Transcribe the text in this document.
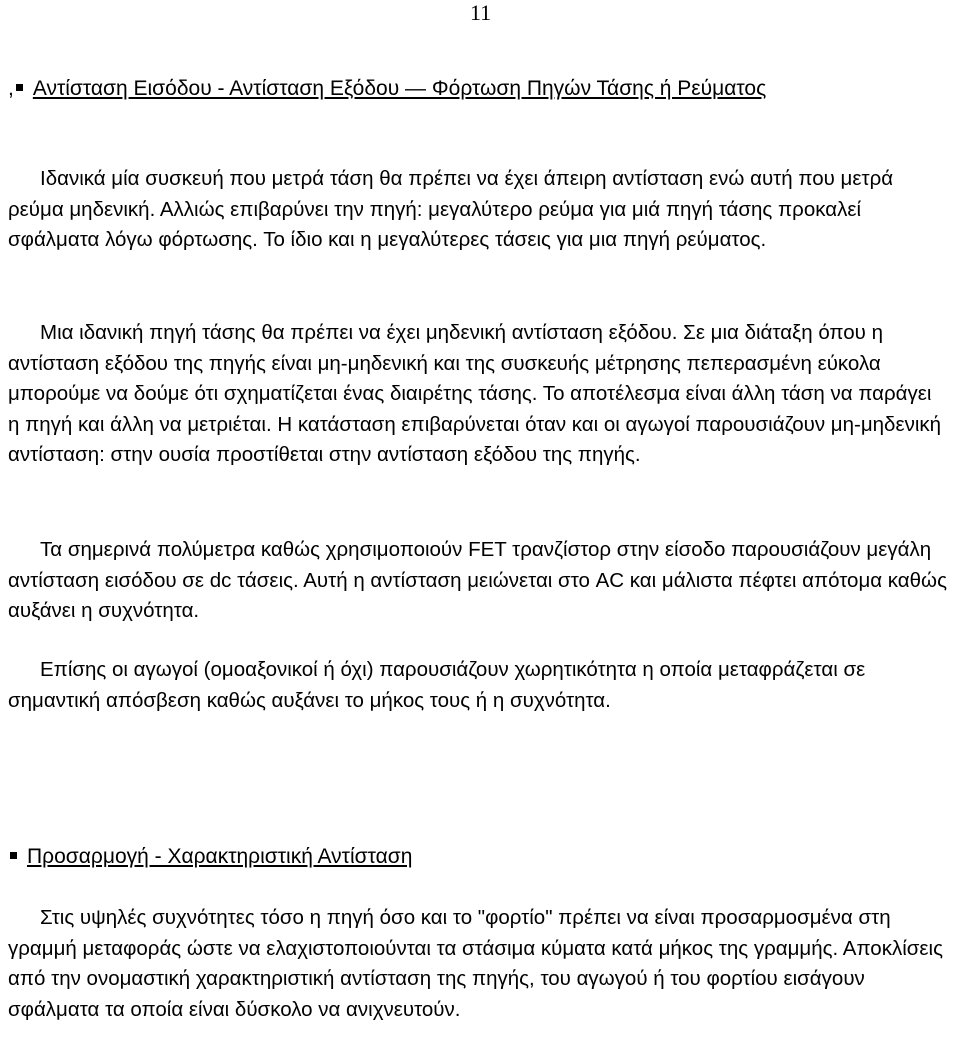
11
, Αντίσταση Εισόδου - Αντίσταση Εξόδου — Φόρτωση Πηγών Τάσης ή Ρεύματος

Ιδανικά μία συσκευή που μετρά τάση θα πρέπει να έχει άπειρη αντίσταση ενώ αυτή που μετρά ρεύμα μηδενική. Αλλιώς επιβαρύνει την πηγή: μεγαλύτερο ρεύμα για μιά πηγή τάσης προκαλεί σφάλματα λόγω φόρτωσης. Το ίδιο και η μεγαλύτερες τάσεις για μια πηγή ρεύματος.

Μια ιδανική πηγή τάσης θα πρέπει να έχει μηδενική αντίσταση εξόδου. Σε μια διάταξη όπου η αντίσταση εξόδου της πηγής είναι μη-μηδενική και της συσκευής μέτρησης πεπερασμένη εύκολα μπορούμε να δούμε ότι σχηματίζεται ένας διαιρέτης τάσης. Το αποτέλεσμα είναι άλλη τάση να παράγει η πηγή και άλλη να μετριέται. Η κατάσταση επιβαρύνεται όταν και οι αγωγοί παρουσιάζουν μη-μηδενική αντίσταση: στην ουσία προστίθεται στην αντίσταση εξόδου της πηγής.

Τα σημερινά πολύμετρα καθώς χρησιμοποιούν FET τρανζίστορ στην είσοδο παρουσιάζουν μεγάλη αντίσταση εισόδου σε dc τάσεις. Αυτή η αντίσταση μειώνεται στο AC και μάλιστα πέφτει απότομα καθώς αυξάνει η συχνότητα.

Επίσης οι αγωγοί (ομοαξονικοί ή όχι) παρουσιάζουν χωρητικότητα η οποία μεταφράζεται σε σημαντική απόσβεση καθώς αυξάνει το μήκος τους ή η συχνότητα.

Προσαρμογή - Χαρακτηριστική Αντίσταση

Στις υψηλές συχνότητες τόσο η πηγή όσο και το "φορτίο" πρέπει να είναι προσαρμοσμένα στη γραμμή μεταφοράς ώστε να ελαχιστοποιούνται τα στάσιμα κύματα κατά μήκος της γραμμής. Αποκλίσεις από την ονομαστική χαρακτηριστική αντίσταση της πηγής, του αγωγού ή του φορτίου εισάγουν σφάλματα τα οποία είναι δύσκολο να ανιχνευτούν.
